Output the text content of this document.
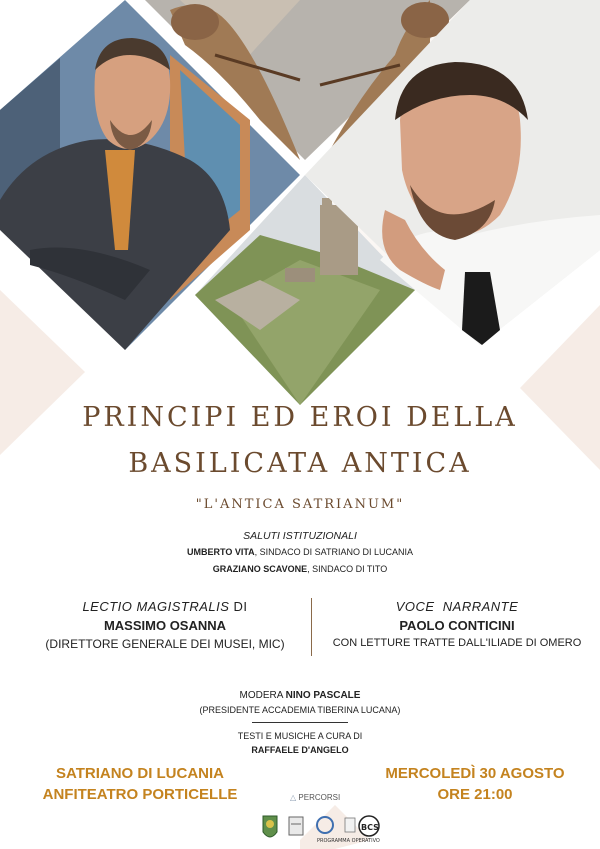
PRINCIPI ED EROI DELLA
BASILICATA ANTICA
"L'ANTICA SATRIANUM"
SALUTI ISTITUZIONALI
UMBERTO VITA, SINDACO DI SATRIANO DI LUCANIA
GRAZIANO SCAVONE, SINDACO DI TITO
LECTIO MAGISTRALIS DI
MASSIMO OSANNA
(DIRETTORE GENERALE DEI MUSEI, MIC)
VOCE  NARRANTE
PAOLO CONTICINI
CON LETTURE TRATTE DALL'ILIADE DI OMERO
MODERA NINO PASCALE
(PRESIDENTE ACCADEMIA TIBERINA LUCANA)
TESTI E MUSICHE A CURA DI
RAFFAELE D'ANGELO
SATRIANO DI LUCANIA
ANFITEATRO PORTICELLE
MERCOLEDÌ 30 AGOSTO
ORE 21:00
△ PERCORSI
PROGRAMMA OPERATIVO
BCS
